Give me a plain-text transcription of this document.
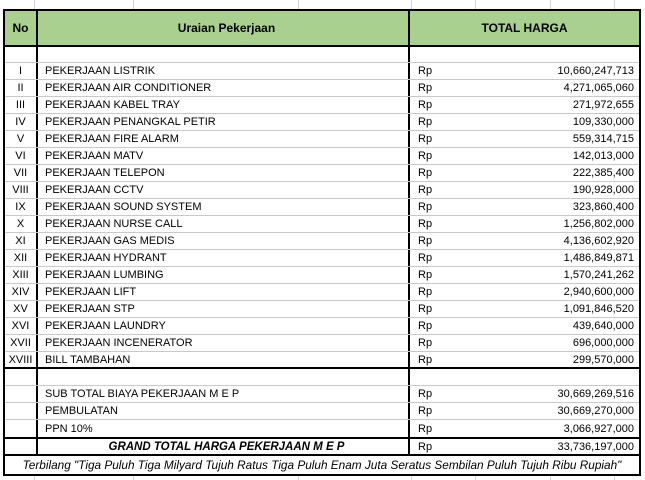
No	Uraian Pekerjaan	TOTAL HARGA
I	PEKERJAAN LISTRIK	Rp	10,660,247,713
II	PEKERJAAN AIR CONDITIONER	Rp	4,271,065,060
III	PEKERJAAN KABEL TRAY	Rp	271,972,655
IV	PEKERJAAN PENANGKAL PETIR	Rp	109,330,000
V	PEKERJAAN FIRE ALARM	Rp	559,314,715
VI	PEKERJAAN MATV	Rp	142,013,000
VII	PEKERJAAN TELEPON	Rp	222,385,400
VIII	PEKERJAAN CCTV	Rp	190,928,000
IX	PEKERJAAN SOUND SYSTEM	Rp	323,860,400
X	PEKERJAAN NURSE CALL	Rp	1,256,802,000
XI	PEKERJAAN GAS MEDIS	Rp	4,136,602,920
XII	PEKERJAAN HYDRANT	Rp	1,486,849,871
XIII	PEKERJAAN LUMBING	Rp	1,570,241,262
XIV	PEKERJAAN LIFT	Rp	2,940,600,000
XV	PEKERJAAN STP	Rp	1,091,846,520
XVI	PEKERJAAN LAUNDRY	Rp	439,640,000
XVII	PEKERJAAN INCENERATOR	Rp	696,000,000
XVIII	BILL TAMBAHAN	Rp	299,570,000
SUB TOTAL BIAYA PEKERJAAN M E P	Rp	30,669,269,516
PEMBULATAN	Rp	30,669,270,000
PPN 10%	Rp	3,066,927,000
GRAND TOTAL HARGA PEKERJAAN M E P	Rp	33,736,197,000
Terbilang "Tiga Puluh Tiga Milyard Tujuh Ratus Tiga Puluh Enam Juta Seratus Sembilan Puluh Tujuh Ribu Rupiah"
